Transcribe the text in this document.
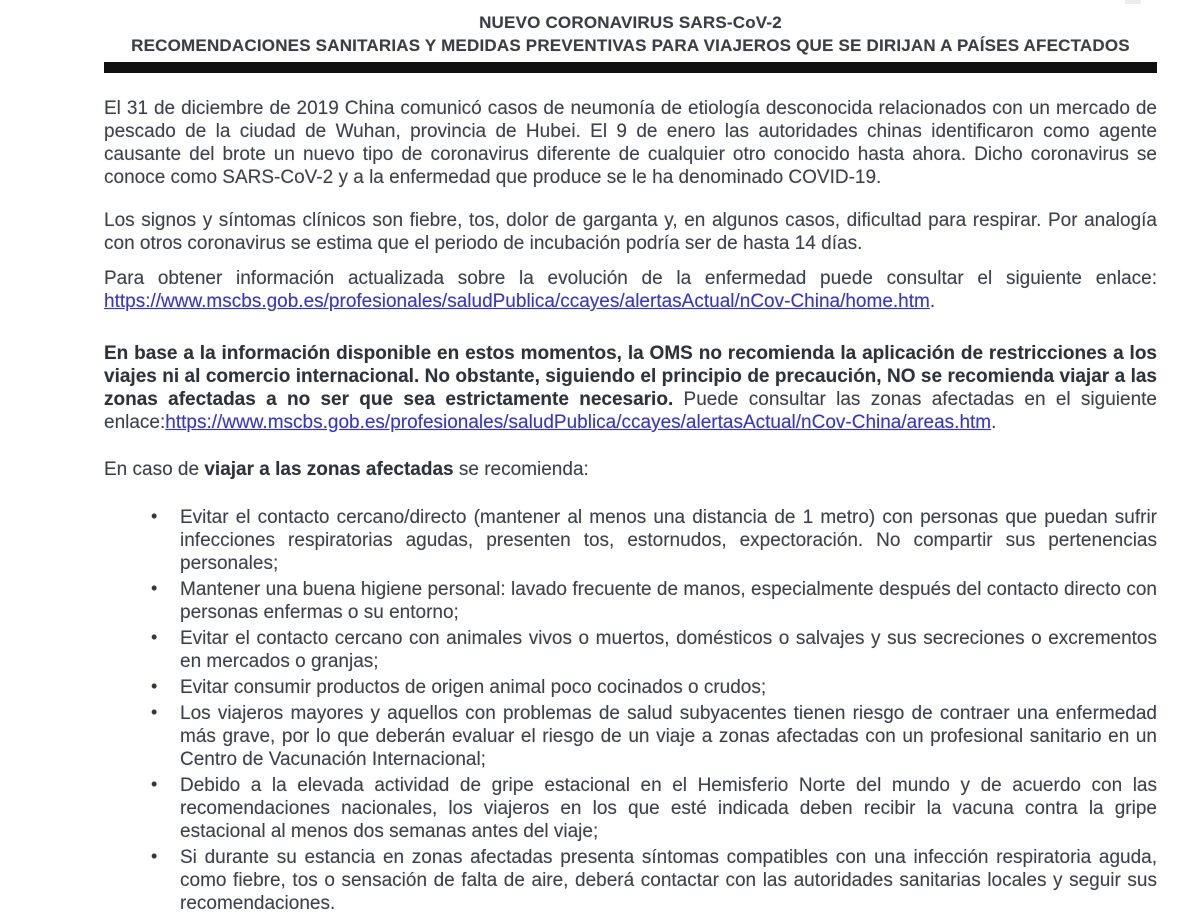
NUEVO CORONAVIRUS SARS-CoV-2
RECOMENDACIONES SANITARIAS Y MEDIDAS PREVENTIVAS PARA VIAJEROS QUE SE DIRIJAN A PAÍSES AFECTADOS

El 31 de diciembre de 2019 China comunicó casos de neumonía de etiología desconocida relacionados con un mercado de pescado de la ciudad de Wuhan, provincia de Hubei. El 9 de enero las autoridades chinas identificaron como agente causante del brote un nuevo tipo de coronavirus diferente de cualquier otro conocido hasta ahora. Dicho coronavirus se conoce como SARS-CoV-2 y a la enfermedad que produce se le ha denominado COVID-19.

Los signos y síntomas clínicos son fiebre, tos, dolor de garganta y, en algunos casos, dificultad para respirar. Por analogía con otros coronavirus se estima que el periodo de incubación podría ser de hasta 14 días.

Para obtener información actualizada sobre la evolución de la enfermedad puede consultar el siguiente enlace: https://www.mscbs.gob.es/profesionales/saludPublica/ccayes/alertasActual/nCov-China/home.htm.

En base a la información disponible en estos momentos, la OMS no recomienda la aplicación de restricciones a los viajes ni al comercio internacional. No obstante, siguiendo el principio de precaución, NO se recomienda viajar a las zonas afectadas a no ser que sea estrictamente necesario. Puede consultar las zonas afectadas en el siguiente enlace:https://www.mscbs.gob.es/profesionales/saludPublica/ccayes/alertasActual/nCov-China/areas.htm.

En caso de viajar a las zonas afectadas se recomienda:

• Evitar el contacto cercano/directo (mantener al menos una distancia de 1 metro) con personas que puedan sufrir infecciones respiratorias agudas, presenten tos, estornudos, expectoración. No compartir sus pertenencias personales;
• Mantener una buena higiene personal: lavado frecuente de manos, especialmente después del contacto directo con personas enfermas o su entorno;
• Evitar el contacto cercano con animales vivos o muertos, domésticos o salvajes y sus secreciones o excrementos en mercados o granjas;
• Evitar consumir productos de origen animal poco cocinados o crudos;
• Los viajeros mayores y aquellos con problemas de salud subyacentes tienen riesgo de contraer una enfermedad más grave, por lo que deberán evaluar el riesgo de un viaje a zonas afectadas con un profesional sanitario en un Centro de Vacunación Internacional;
• Debido a la elevada actividad de gripe estacional en el Hemisferio Norte del mundo y de acuerdo con las recomendaciones nacionales, los viajeros en los que esté indicada deben recibir la vacuna contra la gripe estacional al menos dos semanas antes del viaje;
• Si durante su estancia en zonas afectadas presenta síntomas compatibles con una infección respiratoria aguda, como fiebre, tos o sensación de falta de aire, deberá contactar con las autoridades sanitarias locales y seguir sus recomendaciones.
